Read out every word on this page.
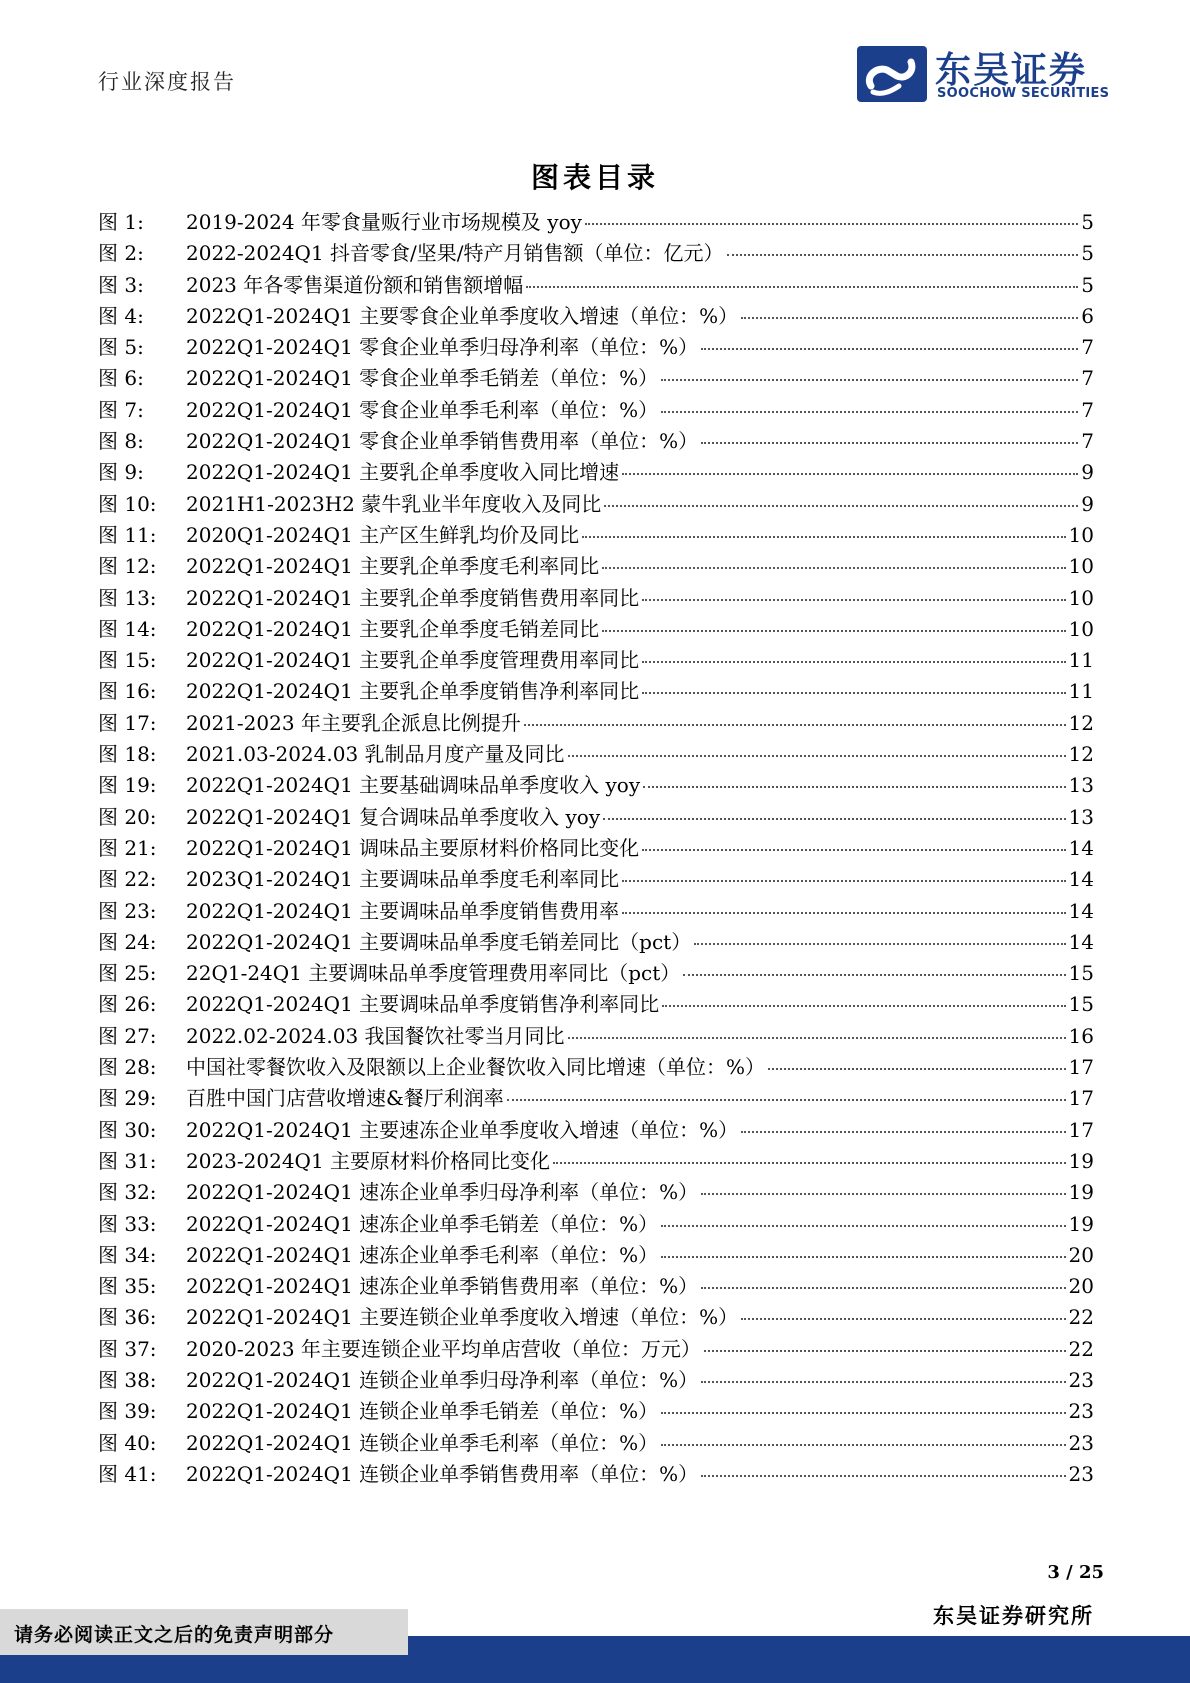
行业深度报告	东吴证券
SOOCHOW SECURITIES
图表目录
图 1:	2019-2024 年零食量贩行业市场规模及 yoy	5
图 2:	2022-2024Q1 抖音零食/坚果/特产月销售额（单位：亿元）	5
图 3:	2023 年各零售渠道份额和销售额增幅	5
图 4:	2022Q1-2024Q1 主要零食企业单季度收入增速（单位：%）	6
图 5:	2022Q1-2024Q1 零食企业单季归母净利率（单位：%）	7
图 6:	2022Q1-2024Q1 零食企业单季毛销差（单位：%）	7
图 7:	2022Q1-2024Q1 零食企业单季毛利率（单位：%）	7
图 8:	2022Q1-2024Q1 零食企业单季销售费用率（单位：%）	7
图 9:	2022Q1-2024Q1 主要乳企单季度收入同比增速	9
图 10:	2021H1-2023H2 蒙牛乳业半年度收入及同比	9
图 11:	2020Q1-2024Q1 主产区生鲜乳均价及同比	10
图 12:	2022Q1-2024Q1 主要乳企单季度毛利率同比	10
图 13:	2022Q1-2024Q1 主要乳企单季度销售费用率同比	10
图 14:	2022Q1-2024Q1 主要乳企单季度毛销差同比	10
图 15:	2022Q1-2024Q1 主要乳企单季度管理费用率同比	11
图 16:	2022Q1-2024Q1 主要乳企单季度销售净利率同比	11
图 17:	2021-2023 年主要乳企派息比例提升	12
图 18:	2021.03-2024.03 乳制品月度产量及同比	12
图 19:	2022Q1-2024Q1 主要基础调味品单季度收入 yoy	13
图 20:	2022Q1-2024Q1 复合调味品单季度收入 yoy	13
图 21:	2022Q1-2024Q1 调味品主要原材料价格同比变化	14
图 22:	2023Q1-2024Q1 主要调味品单季度毛利率同比	14
图 23:	2022Q1-2024Q1 主要调味品单季度销售费用率	14
图 24:	2022Q1-2024Q1 主要调味品单季度毛销差同比（pct）	14
图 25:	22Q1-24Q1 主要调味品单季度管理费用率同比（pct）	15
图 26:	2022Q1-2024Q1 主要调味品单季度销售净利率同比	15
图 27:	2022.02-2024.03 我国餐饮社零当月同比	16
图 28:	中国社零餐饮收入及限额以上企业餐饮收入同比增速（单位：%）	17
图 29:	百胜中国门店营收增速&餐厅利润率	17
图 30:	2022Q1-2024Q1 主要速冻企业单季度收入增速（单位：%）	17
图 31:	2023-2024Q1 主要原材料价格同比变化	19
图 32:	2022Q1-2024Q1 速冻企业单季归母净利率（单位：%）	19
图 33:	2022Q1-2024Q1 速冻企业单季毛销差（单位：%）	19
图 34:	2022Q1-2024Q1 速冻企业单季毛利率（单位：%）	20
图 35:	2022Q1-2024Q1 速冻企业单季销售费用率（单位：%）	20
图 36:	2022Q1-2024Q1 主要连锁企业单季度收入增速（单位：%）	22
图 37:	2020-2023 年主要连锁企业平均单店营收（单位：万元）	22
图 38:	2022Q1-2024Q1 连锁企业单季归母净利率（单位：%）	23
图 39:	2022Q1-2024Q1 连锁企业单季毛销差（单位：%）	23
图 40:	2022Q1-2024Q1 连锁企业单季毛利率（单位：%）	23
图 41:	2022Q1-2024Q1 连锁企业单季销售费用率（单位：%）	23
3 / 25
请务必阅读正文之后的免责声明部分
东吴证券研究所
